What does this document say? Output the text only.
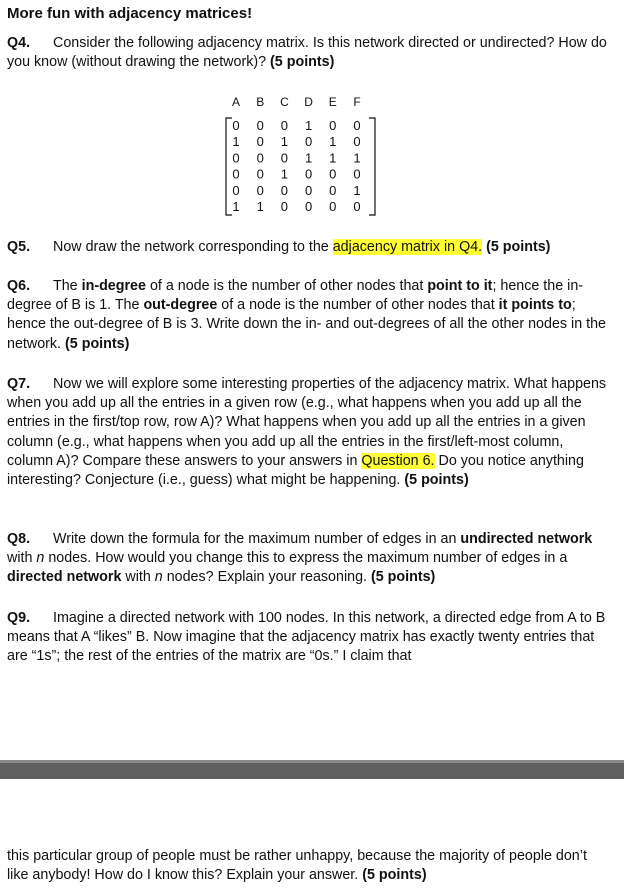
More fun with adjacency matrices!

Q4. Consider the following adjacency matrix. Is this network directed or undirected? How do you know (without drawing the network)? (5 points)

A B C D E F
0 0 0 1 0 0
1 0 1 0 1 0
0 0 0 1 1 1
0 0 1 0 0 0
0 0 0 0 0 1
1 1 0 0 0 0

Q5. Now draw the network corresponding to the adjacency matrix in Q4. (5 points)

Q6. The in-degree of a node is the number of other nodes that point to it; hence the in-degree of B is 1. The out-degree of a node is the number of other nodes that it points to; hence the out-degree of B is 3. Write down the in- and out-degrees of all the other nodes in the network. (5 points)

Q7. Now we will explore some interesting properties of the adjacency matrix. What happens when you add up all the entries in a given row (e.g., what happens when you add up all the entries in the first/top row, row A)? What happens when you add up all the entries in a given column (e.g., what happens when you add up all the entries in the first/left-most column, column A)? Compare these answers to your answers in Question 6. Do you notice anything interesting? Conjecture (i.e., guess) what might be happening. (5 points)

Q8. Write down the formula for the maximum number of edges in an undirected network with n nodes. How would you change this to express the maximum number of edges in a directed network with n nodes? Explain your reasoning. (5 points)

Q9. Imagine a directed network with 100 nodes. In this network, a directed edge from A to B means that A “likes” B. Now imagine that the adjacency matrix has exactly twenty entries that are “1s”; the rest of the entries of the matrix are “0s.” I claim that

this particular group of people must be rather unhappy, because the majority of people don’t like anybody! How do I know this? Explain your answer. (5 points)
